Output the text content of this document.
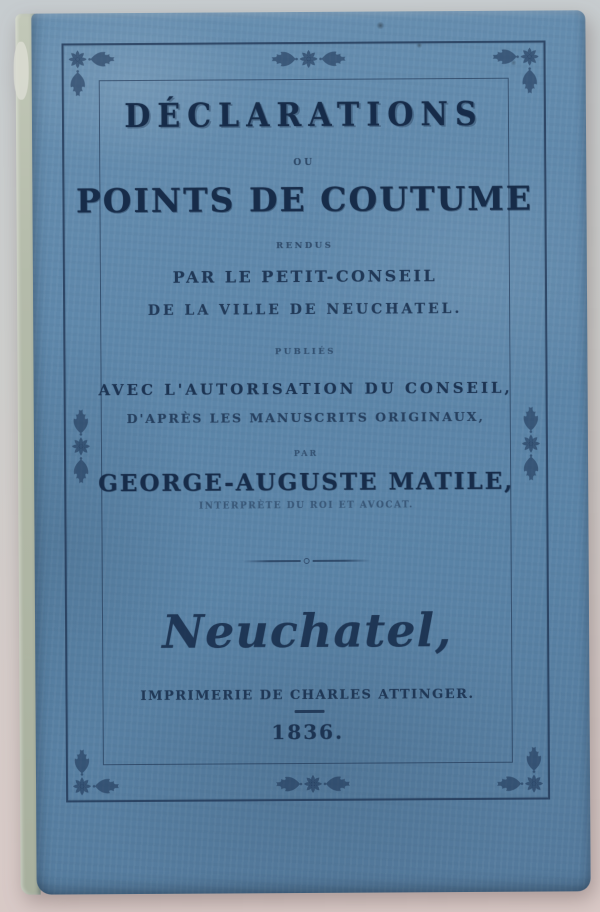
DÉCLARATIONS
OU
POINTS DE COUTUME
RENDUS
PAR LE PETIT-CONSEIL
DE LA VILLE DE NEUCHATEL.
PUBLIÉS
AVEC L'AUTORISATION DU CONSEIL,
D'APRÈS LES MANUSCRITS ORIGINAUX,
PAR
GEORGE-AUGUSTE MATILE,
INTERPRÈTE DU ROI ET AVOCAT.
Neuchatel,
IMPRIMERIE DE CHARLES ATTINGER.
1836.
